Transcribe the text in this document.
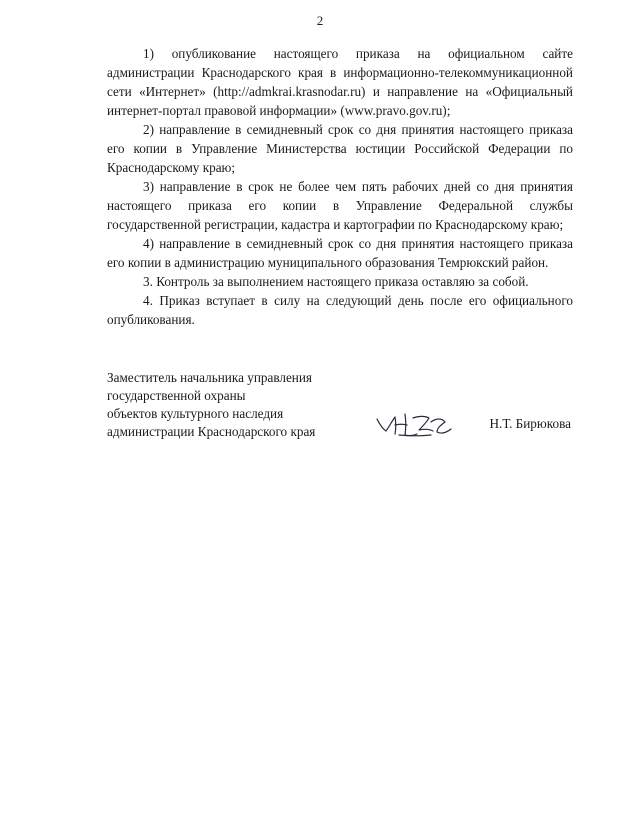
2

1) опубликование настоящего приказа на официальном сайте администрации Краснодарского края в информационно-телекоммуникационной сети «Интернет» (http://admkrai.krasnodar.ru) и направление на «Официальный интернет-портал правовой информации» (www.pravo.gov.ru);

2) направление в семидневный срок со дня принятия настоящего приказа его копии в Управление Министерства юстиции Российской Федерации по Краснодарскому краю;

3) направление в срок не более чем пять рабочих дней со дня принятия настоящего приказа его копии в Управление Федеральной службы государственной регистрации, кадастра и картографии по Краснодарскому краю;

4) направление в семидневный срок со дня принятия настоящего приказа его копии в администрацию муниципального образования Темрюкский район.

3. Контроль за выполнением настоящего приказа оставляю за собой.

4. Приказ вступает в силу на следующий день после его официального опубликования.

Заместитель начальника управления
государственной охраны
объектов культурного наследия
администрации Краснодарского края
Н.Т. Бирюкова
